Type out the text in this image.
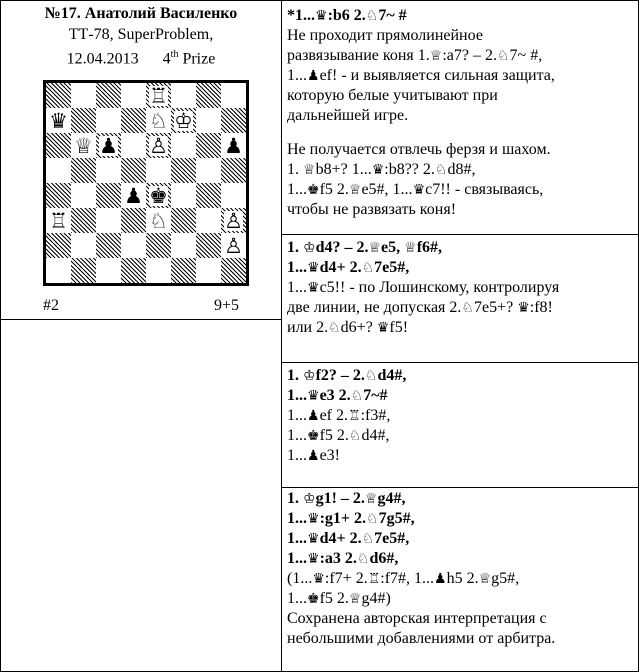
№17. Анатолий Василенко
ТТ-78, SuperProblem,
12.04.2013 4th Prize
♖
♛	♘ ♔
♕ ♟ ♙	♟
♟ ♚
♖	♘	♙
♙
#2	9+5
*1...♛:b6 2.♘7~ #
Не проходит прямолинейное
развязывание коня 1.♕:a7? – 2.♘7~ #,
1...♟ef! - и выявляется сильная защита,
которую белые учитывают при
дальнейшей игре.
Не получается отвлечь ферзя и шахом.
1. ♕b8+? 1...♛:b8?? 2.♘d8#,
1...♚f5 2.♕e5#, 1...♛c7!! - связываясь,
чтобы не развязать коня!
1. ♔d4? – 2.♕e5, ♕f6#,
1...♛d4+ 2.♘7e5#,
1...♛c5!! - по Лошинскому, контролируя
две линии, не допуская 2.♘7e5+? ♛:f8!
или 2.♘d6+? ♛f5!
1. ♔f2? – 2.♘d4#,
1...♛e3 2.♘7~#
1...♟ef 2.♖:f3#,
1...♚f5 2.♘d4#,
1...♟e3!
1. ♔g1! – 2.♕g4#,
1...♛:g1+ 2.♘7g5#,
1...♛d4+ 2.♘7e5#,
1...♛:a3 2.♘d6#,
(1...♛:f7+ 2.♖:f7#, 1...♟h5 2.♕g5#,
1...♚f5 2.♕g4#)
Сохранена авторская интерпретация с
небольшими добавлениями от арбитра.
